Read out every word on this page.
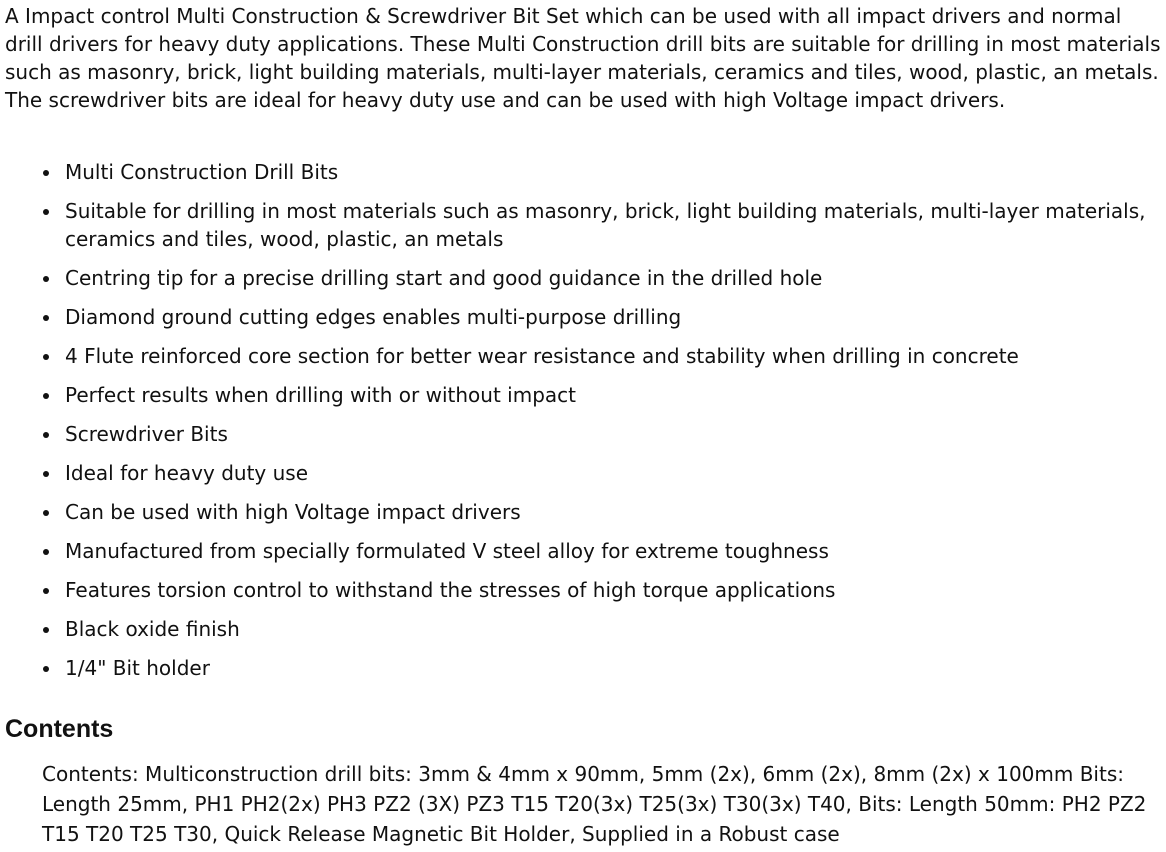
A Impact control Multi Construction & Screwdriver Bit Set which can be used with all impact drivers and normal drill drivers for heavy duty applications. These Multi Construction drill bits are suitable for drilling in most materials such as masonry, brick, light building materials, multi-layer materials, ceramics and tiles, wood, plastic, an metals. The screwdriver bits are ideal for heavy duty use and can be used with high Voltage impact drivers.

Multi Construction Drill Bits
Suitable for drilling in most materials such as masonry, brick, light building materials, multi-layer materials, ceramics and tiles, wood, plastic, an metals
Centring tip for a precise drilling start and good guidance in the drilled hole
Diamond ground cutting edges enables multi-purpose drilling
4 Flute reinforced core section for better wear resistance and stability when drilling in concrete
Perfect results when drilling with or without impact
Screwdriver Bits
Ideal for heavy duty use
Can be used with high Voltage impact drivers
Manufactured from specially formulated V steel alloy for extreme toughness
Features torsion control to withstand the stresses of high torque applications
Black oxide finish
1/4" Bit holder
Contents

Contents: Multiconstruction drill bits: 3mm & 4mm x 90mm, 5mm (2x), 6mm (2x), 8mm (2x) x 100mm Bits: Length 25mm, PH1 PH2(2x) PH3 PZ2 (3X) PZ3 T15 T20(3x) T25(3x) T30(3x) T40, Bits: Length 50mm: PH2 PZ2 T15 T20 T25 T30, Quick Release Magnetic Bit Holder, Supplied in a Robust case
